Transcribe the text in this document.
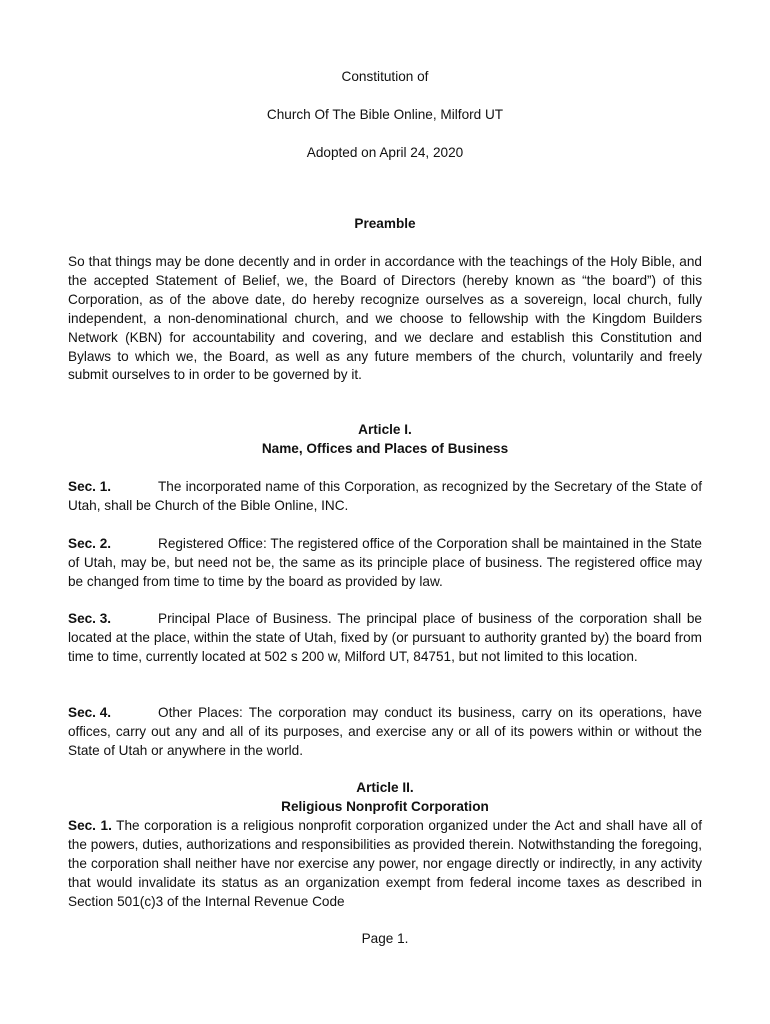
Constitution of

Church Of The Bible Online, Milford UT

Adopted on April 24, 2020

Preamble

So that things may be done decently and in order in accordance with the teachings of the Holy Bible, and the accepted Statement of Belief, we, the Board of Directors (hereby known as “the board”) of this Corporation, as of the above date, do hereby recognize ourselves as a sovereign, local church, fully independent, a non-denominational church, and we choose to fellowship with the Kingdom Builders Network (KBN) for accountability and covering, and we declare and establish this Constitution and Bylaws to which we, the Board, as well as any future members of the church, voluntarily and freely submit ourselves to in order to be governed by it.

Article I.

Name, Offices and Places of Business

Sec. 1.	The incorporated name of this Corporation, as recognized by the Secretary of the State of Utah, shall be Church of the Bible Online, INC.

Sec. 2.	Registered Office: The registered office of the Corporation shall be maintained in the State of Utah, may be, but need not be, the same as its principle place of business. The registered office may be changed from time to time by the board as provided by law.

Sec. 3.	Principal Place of Business. The principal place of business of the corporation shall be located at the place, within the state of Utah, fixed by (or pursuant to authority granted by) the board from time to time, currently located at 502 s 200 w, Milford UT, 84751, but not limited to this location.

Sec. 4.	Other Places: The corporation may conduct its business, carry on its operations, have offices, carry out any and all of its purposes, and exercise any or all of its powers within or without the State of Utah or anywhere in the world.

Article II.

Religious Nonprofit Corporation

Sec. 1. The corporation is a religious nonprofit corporation organized under the Act and shall have all of the powers, duties, authorizations and responsibilities as provided therein. Notwithstanding the foregoing, the corporation shall neither have nor exercise any power, nor engage directly or indirectly, in any activity that would invalidate its status as an organization exempt from federal income taxes as described in Section 501(c)3 of the Internal Revenue Code

Page 1.
